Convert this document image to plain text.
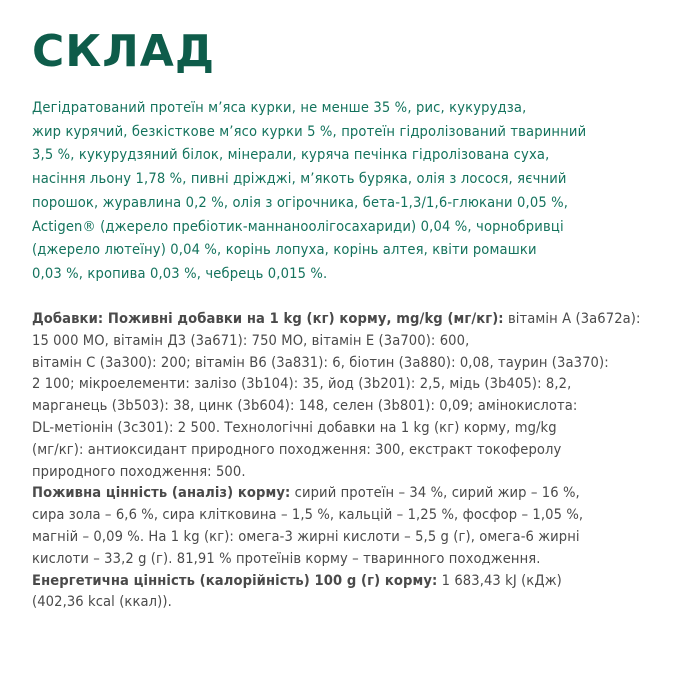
СКЛАД

Дегідратований протеїн м’яса курки, не менше 35 %, рис, кукурудза,
жир курячий, безкісткове м’ясо курки 5 %, протеїн гідролізований тваринний
3,5 %, кукурудзяний білок, мінерали, куряча печінка гідролізована суха,
насіння льону 1,78 %, пивні дріжджі, м’якоть буряка, олія з лосося, яєчний
порошок, журавлина 0,2 %, олія з огірочника, бета-1,3/1,6-глюкани 0,05 %,
Actigen® (джерело пребіотик-маннаноолігосахариди) 0,04 %, чорнобривці
(джерело лютеїну) 0,04 %, корінь лопуха, корінь алтея, квіти ромашки
0,03 %, кропива 0,03 %, чебрець 0,015 %.

Добавки: Поживні добавки на 1 kg (кг) корму, mg/kg (мг/кг): вітамін А (3a672a):
15 000 МО, вітамін Д3 (3a671): 750 МО, вітамін Е (3a700): 600,
вітамін С (3a300): 200; вітамін В6 (3a831): 6, біотин (3a880): 0,08, таурин (3a370):
2 100; мікроелементи: залізо (3b104): 35, йод (3b201): 2,5, мідь (3b405): 8,2,
марганець (3b503): 38, цинк (3b604): 148, селен (3b801): 0,09; амінокислота:
DL-метіонін (3c301): 2 500. Технологічні добавки на 1 kg (кг) корму, mg/kg
(мг/кг): антиоксидант природного походження: 300, екстракт токоферолу
природного походження: 500.
Поживна цінність (аналіз) корму: сирий протеїн – 34 %, сирий жир – 16 %,
сира зола – 6,6 %, сира клітковина – 1,5 %, кальцій – 1,25 %, фосфор – 1,05 %,
магній – 0,09 %. На 1 kg (кг): омега-3 жирні кислоти – 5,5 g (г), омега-6 жирні
кислоти – 33,2 g (г). 81,91 % протеїнів корму – тваринного походження.
Енергетична цінність (калорійність) 100 g (г) корму: 1 683,43 kJ (кДж)
(402,36 kcal (ккал)).
